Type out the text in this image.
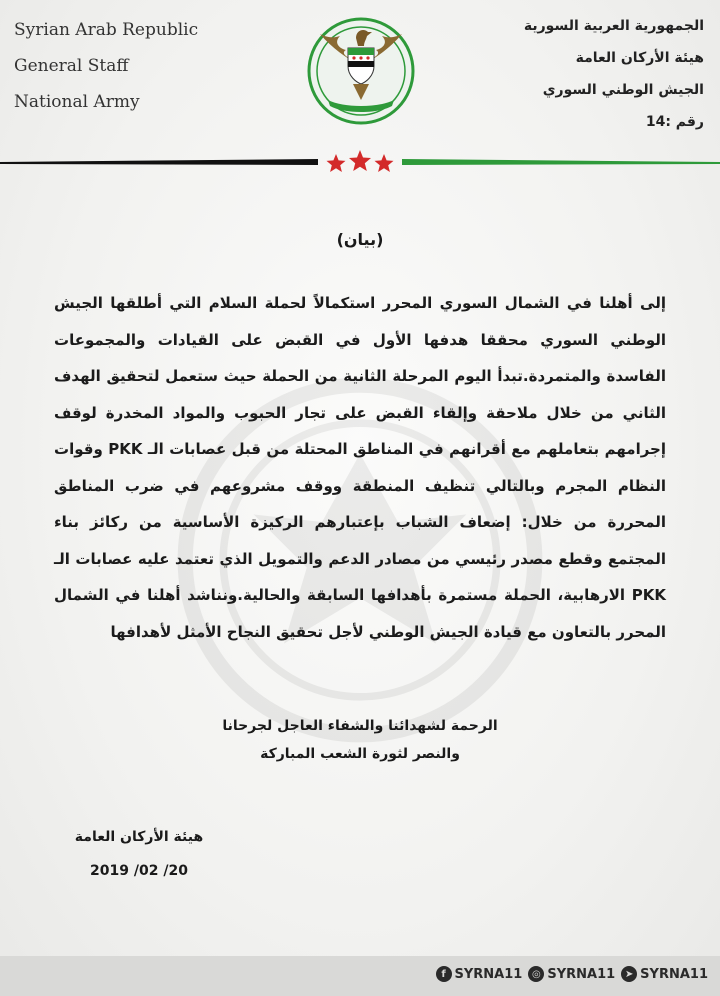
Syrian Arab Republic
General Staff
National Army
الجمهورية العربية السورية
هيئة الأركان العامة
الجيش الوطني السوري
رقم :14
(بيان)

إلى أهلنا في الشمال السوري المحرر استكمالاً لحملة السلام التي أطلقها الجيش الوطني السوري محققا هدفها الأول في القبض على القيادات والمجموعات الفاسدة والمتمردة.تبدأ اليوم المرحلة الثانية من الحملة حيث ستعمل لتحقيق الهدف الثاني من خلال ملاحقة وإلقاء القبض على تجار الحبوب والمواد المخدرة لوقف إجرامهم بتعاملهم مع أقرانهم في المناطق المحتلة من قبل عصابات الـ PKK وقوات النظام المجرم وبالتالي تنظيف المنطقة ووقف مشروعهم في ضرب المناطق المحررة من خلال: إضعاف الشباب بإعتبارهم الركيزة الأساسية من ركائز بناء المجتمع وقطع مصدر رئيسي من مصادر الدعم والتمويل الذي تعتمد عليه عصابات الـ PKK الارهابية، الحملة مستمرة بأهدافها السابقة والحالية.ونناشد أهلنا في الشمال المحرر بالتعاون مع قيادة الجيش الوطني لأجل تحقيق النجاح الأمثل لأهدافها

الرحمة لشهدائنا والشفاء العاجل لجرحانا
والنصر لثورة الشعب المباركة
هيئة الأركان العامة
2019 /02 /20
f SYRNA11 ◎ SYRNA11 ➤ SYRNA11
